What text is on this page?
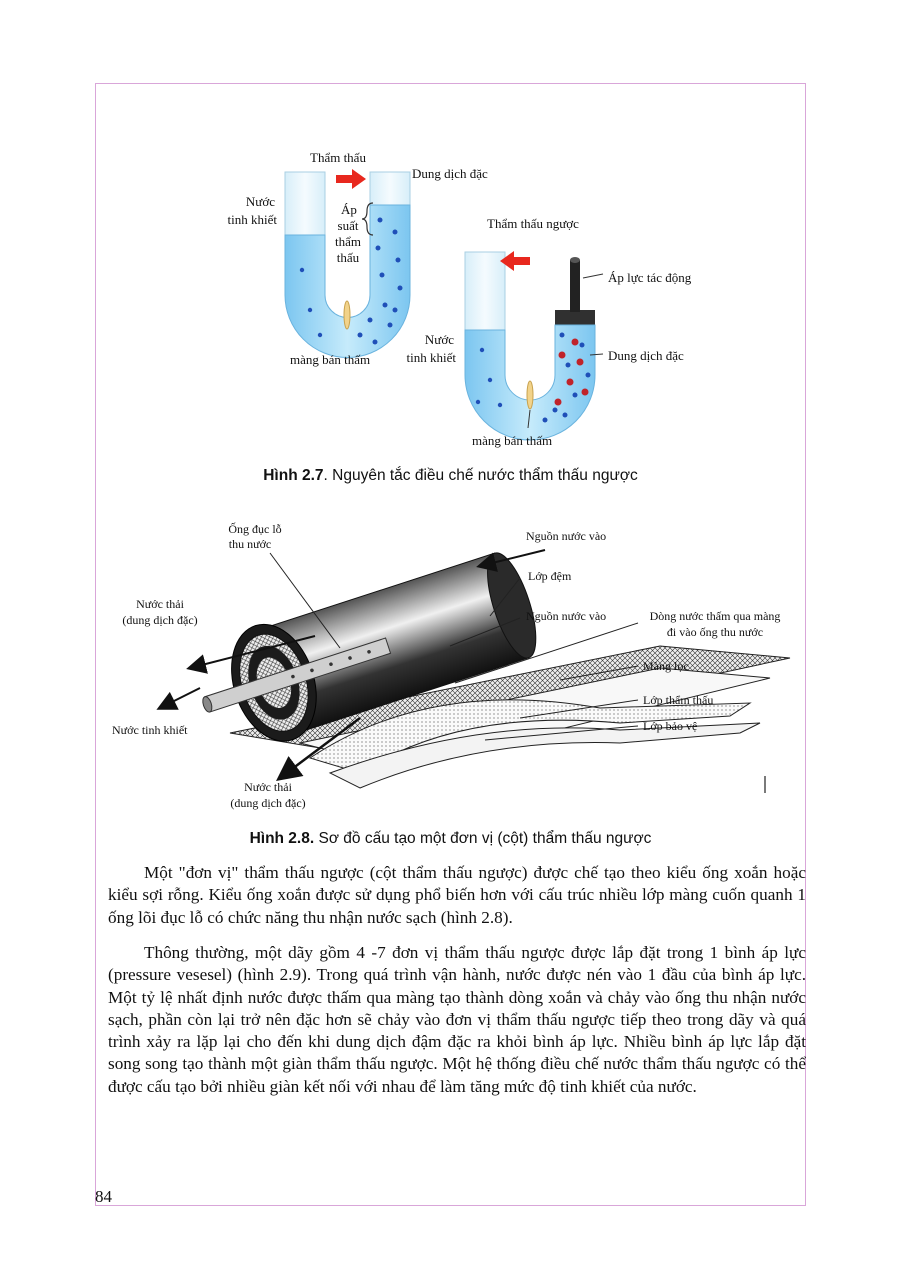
Thẩm thấu
Dung dịch đặc
Nước tinh khiết
Áp suất thẩm thấu
màng bán thấm
Thẩm thấu ngược
Áp lực tác động
Nước tinh khiết	Dung dịch đặc
màng bán thấm
Hình 2.7. Nguyên tắc điều chế nước thẩm thấu ngược
Ống đục lỗ thu nước
Nguồn nước vào
Lớp đệm
Nguồn nước vào	Dòng nước thấm qua màng đi vào ống thu nước
Nước thải (dung dịch đặc)
Màng lọc
Lớp thẩm thấu
Lớp bảo vệ
Nước tinh khiết
Nước thải (dung dịch đặc)
Hình 2.8. Sơ đồ cấu tạo một đơn vị (cột) thẩm thấu ngược

Một "đơn vị" thẩm thấu ngược (cột thẩm thấu ngược) được chế tạo theo kiểu ống xoắn hoặc kiểu sợi rỗng. Kiểu ống xoắn được sử dụng phổ biến hơn với cấu trúc nhiều lớp màng cuốn quanh 1 ống lõi đục lỗ có chức năng thu nhận nước sạch (hình 2.8).

Thông thường, một dãy gồm 4 -7 đơn vị thẩm thấu ngược được lắp đặt trong 1 bình áp lực (pressure vesesel) (hình 2.9). Trong quá trình vận hành, nước được nén vào 1 đầu của bình áp lực. Một tỷ lệ nhất định nước được thấm qua màng tạo thành dòng xoắn và chảy vào ống thu nhận nước sạch, phần còn lại trở nên đặc hơn sẽ chảy vào đơn vị thẩm thấu ngược tiếp theo trong dãy và quá trình xảy ra lặp lại cho đến khi dung dịch đậm đặc ra khỏi bình áp lực. Nhiều bình áp lực lắp đặt song song tạo thành một giàn thẩm thấu ngược. Một hệ thống điều chế nước thẩm thấu ngược có thể được cấu tạo bởi nhiều giàn kết nối với nhau để làm tăng mức độ tinh khiết của nước.

84
